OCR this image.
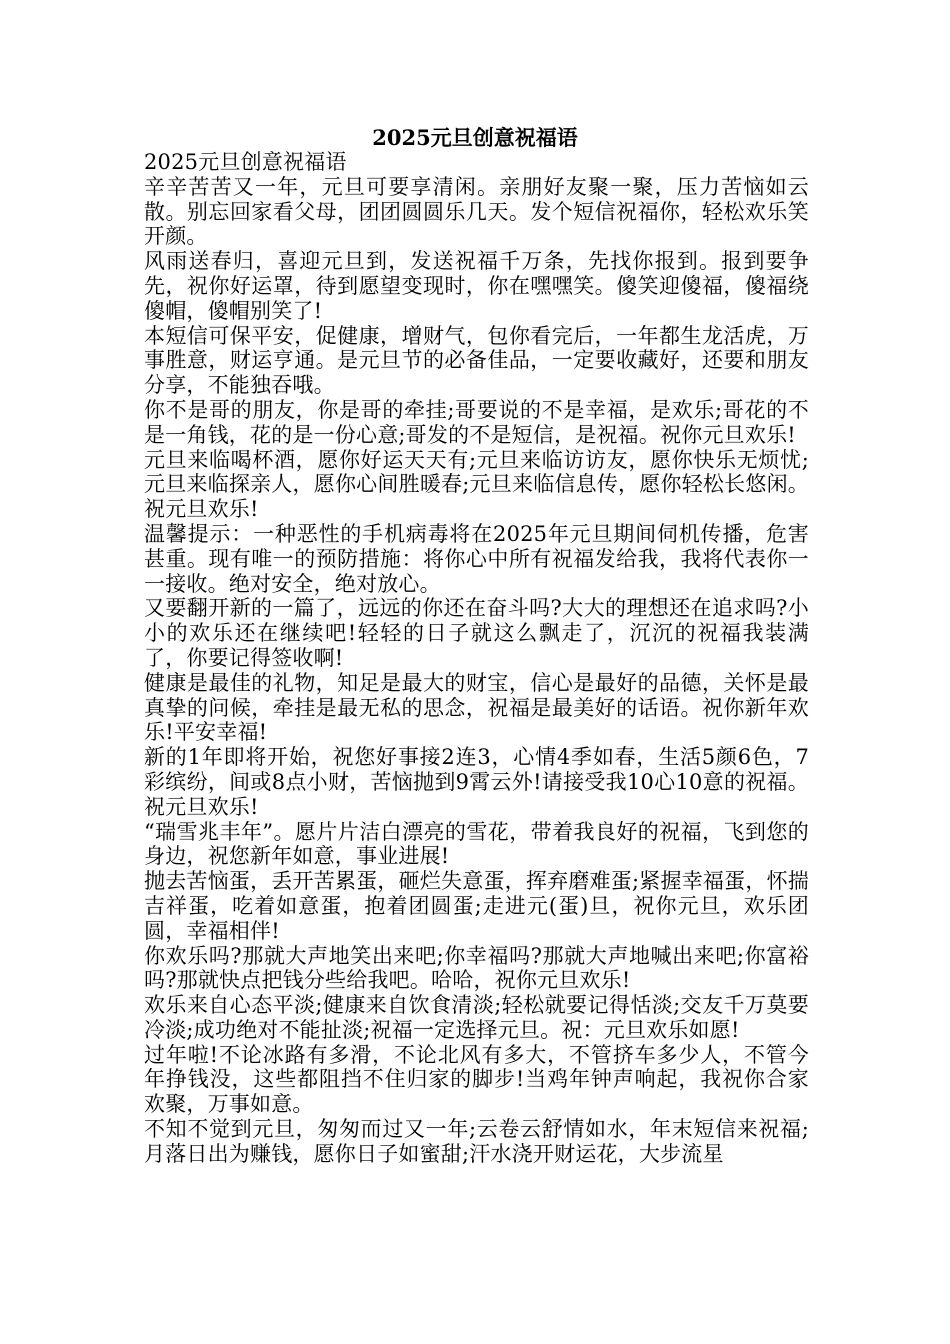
2025元旦创意祝福语

2025元旦创意祝福语

辛辛苦苦又一年，元旦可要享清闲。亲朋好友聚一聚，压力苦恼如云散。别忘回家看父母，团团圆圆乐几天。发个短信祝福你，轻松欢乐笑开颜。

风雨送春归，喜迎元旦到，发送祝福千万条，先找你报到。报到要争先，祝你好运罩，待到愿望变现时，你在嘿嘿笑。傻笑迎傻福，傻福绕傻帽，傻帽别笑了!

本短信可保平安，促健康，增财气，包你看完后，一年都生龙活虎，万事胜意，财运亨通。是元旦节的必备佳品，一定要收藏好，还要和朋友分享，不能独吞哦。

你不是哥的朋友，你是哥的牵挂;哥要说的不是幸福，是欢乐;哥花的不是一角钱，花的是一份心意;哥发的不是短信，是祝福。祝你元旦欢乐!

元旦来临喝杯酒，愿你好运天天有;元旦来临访访友，愿你快乐无烦忧;元旦来临探亲人，愿你心间胜暖春;元旦来临信息传，愿你轻松长悠闲。祝元旦欢乐!

温馨提示：一种恶性的手机病毒将在2025年元旦期间伺机传播，危害甚重。现有唯一的预防措施：将你心中所有祝福发给我，我将代表你一一接收。绝对安全，绝对放心。

又要翻开新的一篇了，远远的你还在奋斗吗?大大的理想还在追求吗?小小的欢乐还在继续吧!轻轻的日子就这么飘走了，沉沉的祝福我装满了，你要记得签收啊!

健康是最佳的礼物，知足是最大的财宝，信心是最好的品德，关怀是最真挚的问候，牵挂是最无私的思念，祝福是最美好的话语。祝你新年欢乐!平安幸福!

新的1年即将开始，祝您好事接2连3，心情4季如春，生活5颜6色，7彩缤纷，间或8点小财，苦恼抛到9霄云外!请接受我10心10意的祝福。祝元旦欢乐!

“瑞雪兆丰年”。愿片片洁白漂亮的雪花，带着我良好的祝福，飞到您的身边，祝您新年如意，事业进展!

抛去苦恼蛋，丢开苦累蛋，砸烂失意蛋，挥弃磨难蛋;紧握幸福蛋，怀揣吉祥蛋，吃着如意蛋，抱着团圆蛋;走进元(蛋)旦，祝你元旦，欢乐团圆，幸福相伴!

你欢乐吗?那就大声地笑出来吧;你幸福吗?那就大声地喊出来吧;你富裕吗?那就快点把钱分些给我吧。哈哈，祝你元旦欢乐!

欢乐来自心态平淡;健康来自饮食清淡;轻松就要记得恬淡;交友千万莫要冷淡;成功绝对不能扯淡;祝福一定选择元旦。祝：元旦欢乐如愿!

过年啦!不论冰路有多滑，不论北风有多大，不管挤车多少人，不管今年挣钱没，这些都阻挡不住归家的脚步!当鸡年钟声响起，我祝你合家欢聚，万事如意。

不知不觉到元旦，匆匆而过又一年;云卷云舒情如水，年末短信来祝福;月落日出为赚钱，愿你日子如蜜甜;汗水浇开财运花，大步流星
